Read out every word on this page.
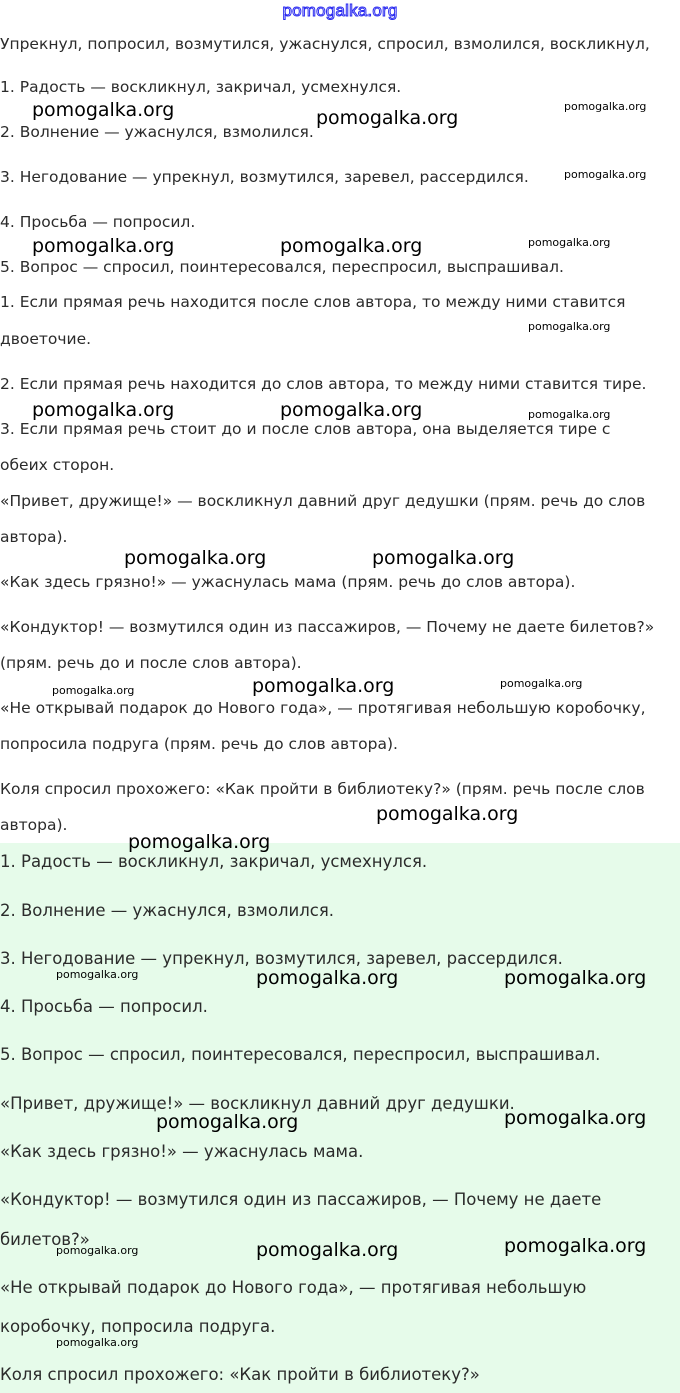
pomogalka.org
Упрекнул, попросил, возмутился, ужаснулся, спросил, взмолился, воскликнул,
1. Радость — воскликнул, закричал, усмехнулся.
2. Волнение — ужаснулся, взмолился.
3. Негодование — упрекнул, возмутился, заревел, рассердился.
4. Просьба — попросил.
5. Вопрос — спросил, поинтересовался, переспросил, выспрашивал.
1. Если прямая речь находится после слов автора, то между ними ставится
двоеточие.
2. Если прямая речь находится до слов автора, то между ними ставится тире.
3. Если прямая речь стоит до и после слов автора, она выделяется тире с
обеих сторон.
«Привет, дружище!» — воскликнул давний друг дедушки (прям. речь до слов
автора).
«Как здесь грязно!» — ужаснулась мама (прям. речь до слов автора).
«Кондуктор! — возмутился один из пассажиров, — Почему не даете билетов?»
(прям. речь до и после слов автора).
«Не открывай подарок до Нового года», — протягивая небольшую коробочку,
попросила подруга (прям. речь до слов автора).
Коля спросил прохожего: «Как пройти в библиотеку?» (прям. речь после слов
автора).
1. Радость — воскликнул, закричал, усмехнулся.
2. Волнение — ужаснулся, взмолился.
3. Негодование — упрекнул, возмутился, заревел, рассердился.
4. Просьба — попросил.
5. Вопрос — спросил, поинтересовался, переспросил, выспрашивал.
«Привет, дружище!» — воскликнул давний друг дедушки.
«Как здесь грязно!» — ужаснулась мама.
«Кондуктор! — возмутился один из пассажиров, — Почему не даете
билетов?»
«Не открывай подарок до Нового года», — протягивая небольшую
коробочку, попросила подруга.
Коля спросил прохожего: «Как пройти в библиотеку?»
pomogalka.org	pomogalka.org
pomogalka.org
pomogalka.org
pomogalka.org	pomogalka.org	pomogalka.org
pomogalka.org
pomogalka.org	pomogalka.org	pomogalka.org
pomogalka.org	pomogalka.org
pomogalka.org	pomogalka.org	pomogalka.org
pomogalka.org
pomogalka.org
pomogalka.org	pomogalka.org	pomogalka.org
pomogalka.org	pomogalka.org
pomogalka.org	pomogalka.org	pomogalka.org
pomogalka.org
